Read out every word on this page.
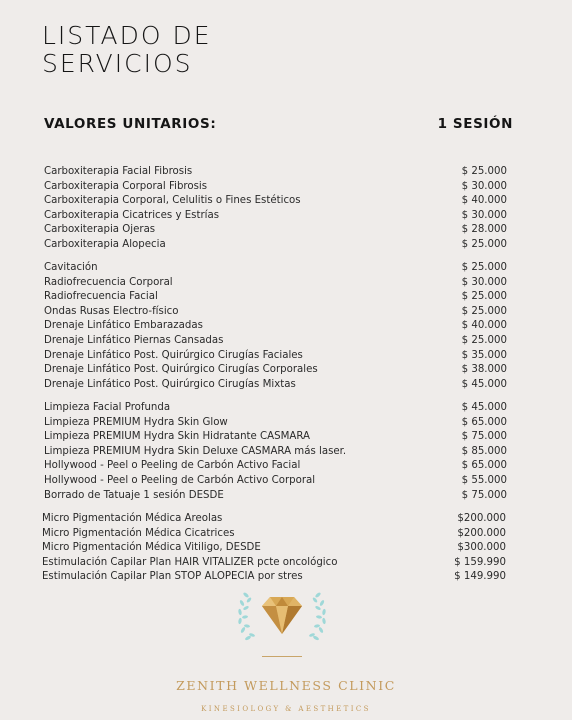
LISTADO DE
SERVICIOS
VALORES UNITARIOS:	1 SESIÓN
Carboxiterapia Facial Fibrosis	$ 25.000
Carboxiterapia Corporal Fibrosis	$ 30.000
Carboxiterapia Corporal, Celulitis o Fines Estéticos	$ 40.000
Carboxiterapia Cicatrices y Estrías	$ 30.000
Carboxiterapia Ojeras	$ 28.000
Carboxiterapia Alopecia	$ 25.000
Cavitación	$ 25.000
Radiofrecuencia Corporal	$ 30.000
Radiofrecuencia Facial	$ 25.000
Ondas Rusas Electro-físico	$ 25.000
Drenaje Linfático Embarazadas	$ 40.000
Drenaje Linfático Piernas Cansadas	$ 25.000
Drenaje Linfático Post. Quirúrgico Cirugías Faciales	$ 35.000
Drenaje Linfático Post. Quirúrgico Cirugías Corporales	$ 38.000
Drenaje Linfático Post. Quirúrgico Cirugías Mixtas	$ 45.000
Limpieza Facial Profunda	$ 45.000
Limpieza PREMIUM Hydra Skin Glow	$ 65.000
Limpieza PREMIUM Hydra Skin Hidratante CASMARA	$ 75.000
Limpieza PREMIUM Hydra Skin Deluxe CASMARA más laser.	$ 85.000
Hollywood - Peel o Peeling de Carbón Activo Facial	$ 65.000
Hollywood - Peel o Peeling de Carbón Activo Corporal	$ 55.000
Borrado de Tatuaje 1 sesión DESDE	$ 75.000
Micro Pigmentación Médica Areolas	$200.000
Micro Pigmentación Médica Cicatrices	$200.000
Micro Pigmentación Médica Vitiligo, DESDE	$300.000
Estimulación Capilar Plan HAIR VITALIZER pcte oncológico	$ 159.990
Estimulación Capilar Plan STOP ALOPECIA por stres	$ 149.990
ZENITH WELLNESS CLINIC
KINESIOLOGY & AESTHETICS
